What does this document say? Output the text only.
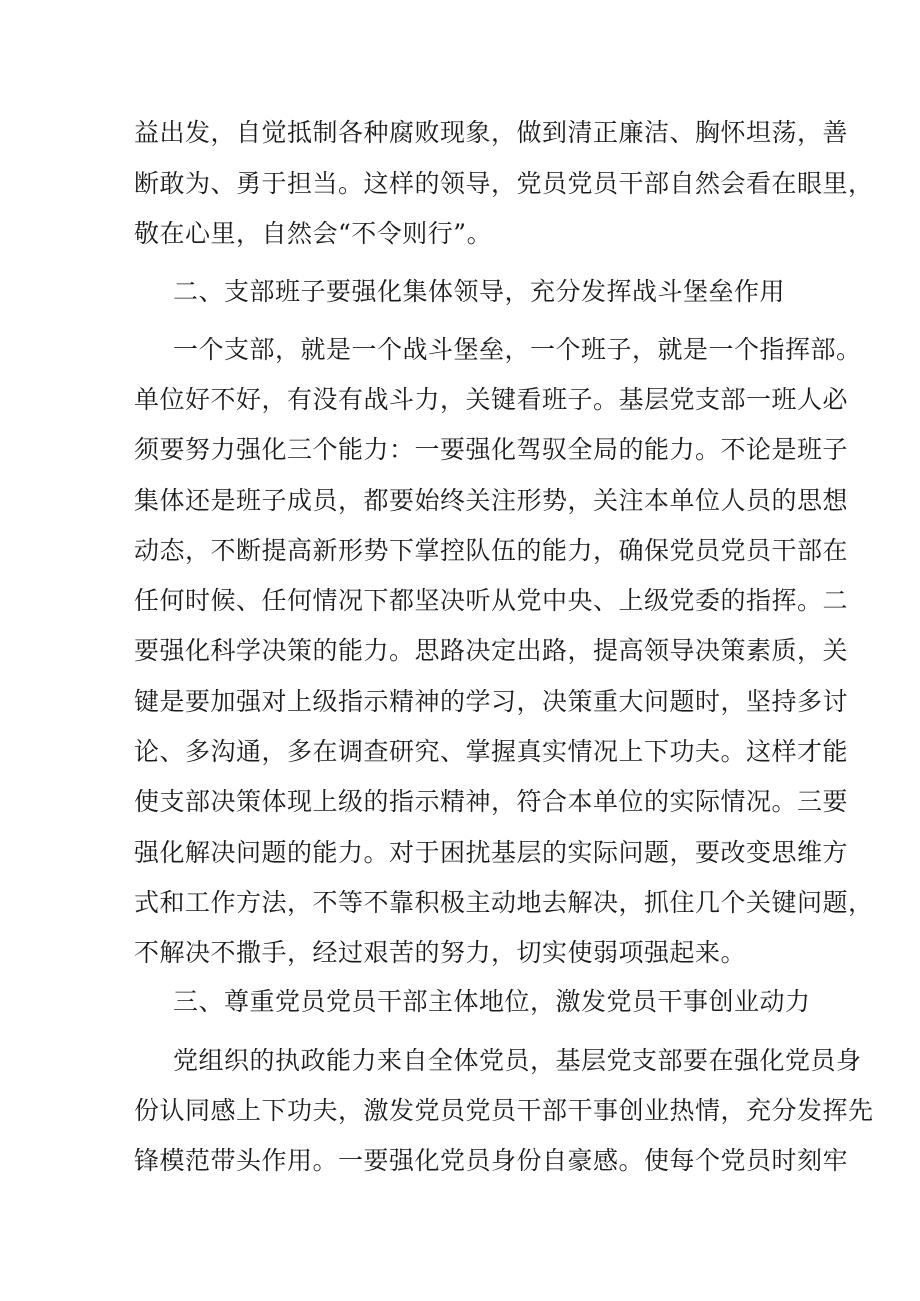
益出发，自觉抵制各种腐败现象，做到清正廉洁、胸怀坦荡，善
断敢为、勇于担当。这样的领导，党员党员干部自然会看在眼里，
敬在心里，自然会“不令则行”。
二、支部班子要强化集体领导，充分发挥战斗堡垒作用
一个支部，就是一个战斗堡垒，一个班子，就是一个指挥部。
单位好不好，有没有战斗力，关键看班子。基层党支部一班人必
须要努力强化三个能力：一要强化驾驭全局的能力。不论是班子
集体还是班子成员，都要始终关注形势，关注本单位人员的思想
动态，不断提高新形势下掌控队伍的能力，确保党员党员干部在
任何时候、任何情况下都坚决听从党中央、上级党委的指挥。二
要强化科学决策的能力。思路决定出路，提高领导决策素质，关
键是要加强对上级指示精神的学习，决策重大问题时，坚持多讨
论、多沟通，多在调查研究、掌握真实情况上下功夫。这样才能
使支部决策体现上级的指示精神，符合本单位的实际情况。三要
强化解决问题的能力。对于困扰基层的实际问题，要改变思维方
式和工作方法，不等不靠积极主动地去解决，抓住几个关键问题，
不解决不撒手，经过艰苦的努力，切实使弱项强起来。
三、尊重党员党员干部主体地位，激发党员干事创业动力
党组织的执政能力来自全体党员，基层党支部要在强化党员身
份认同感上下功夫，激发党员党员干部干事创业热情，充分发挥先
锋模范带头作用。一要强化党员身份自豪感。使每个党员时刻牢
